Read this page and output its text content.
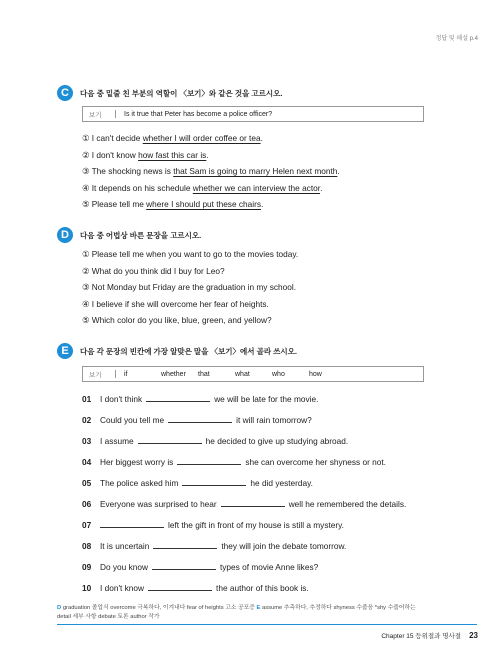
정답 및 해설 p.4
C	다음 중 밑줄 친 부분의 역할이 〈보기〉와 같은 것을 고르시오.
보기	Is it true that Peter has become a police officer?
① I can't decide whether I will order coffee or tea.
② I don't know how fast this car is.
③ The shocking news is that Sam is going to marry Helen next month.
④ It depends on his schedule whether we can interview the actor.
⑤ Please tell me where I should put these chairs.
D	다음 중 어법상 바른 문장을 고르시오.
① Please tell me when you want to go to the movies today.
② What do you think did I buy for Leo?
③ Not Monday but Friday are the graduation in my school.
④ I believe if she will overcome her fear of heights.
⑤ Which color do you like, blue, green, and yellow?
E	다음 각 문장의 빈칸에 가장 알맞은 말을 〈보기〉에서 골라 쓰시오.
보기	if	whether	that	what	who	how
01 I don't think	we will be late for the movie.
02 Could you tell me	it will rain tomorrow?
03 I assume	he decided to give up studying abroad.
04 Her biggest worry is	she can overcome her shyness or not.
05 The police asked him	he did yesterday.
06 Everyone was surprised to hear	well he remembered the details.
07	left the gift in front of my house is still a mystery.
08 It is uncertain	they will join the debate tomorrow.
09 Do you know	types of movie Anne likes?
10 I don't know	the author of this book is.
D graduation 졸업식 overcome 극복하다, 이겨내다 fear of heights 고소 공포증 E assume 추측하다, 추정하다 shyness 수줍음 *shy 수줍어하는
detail 세부 사항 debate 토론 author 작가
Chapter 15 등위절과 명사절 23
